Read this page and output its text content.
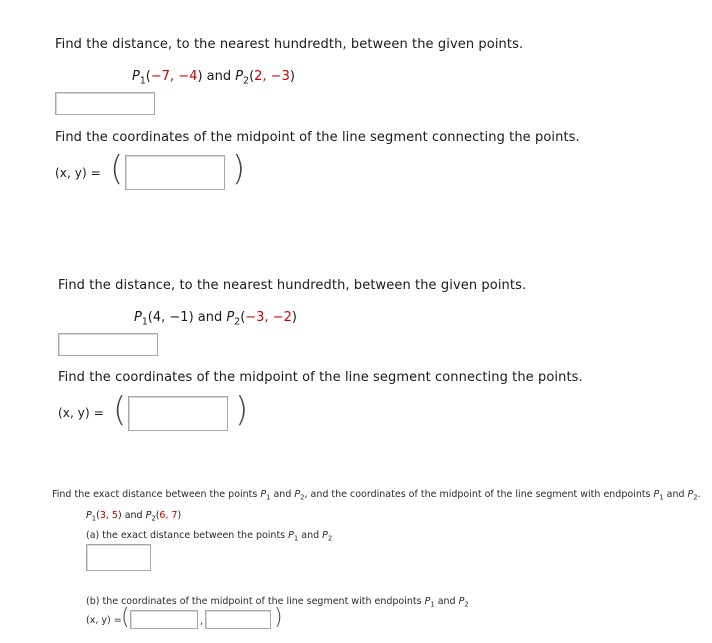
Find the distance, to the nearest hundredth, between the given points.
$P_1(-7$, −4) and $P_2(2$, −3)
Find the coordinates of the midpoint of the line segment connecting the points.
(x, y) = (	)
Find the distance, to the nearest hundredth, between the given points.
$P_1(4$, −1) and $P_2(-3$, −2)
Find the coordinates of the midpoint of the line segment connecting the points.
(x, y) = (	)
Find the exact distance between the points $P_1$ and $P_2$, and the coordinates of the midpoint of the line segment with endpoints $P_1$ and $P_2$.
$P_1(3$, 5) and $P_2(6$, 7)
(a) the exact distance between the points $P_1$ and $P_2$
(b) the coordinates of the midpoint of the line segment with endpoints $P_1$ and $P_2$
(x, y) = (	,	)
